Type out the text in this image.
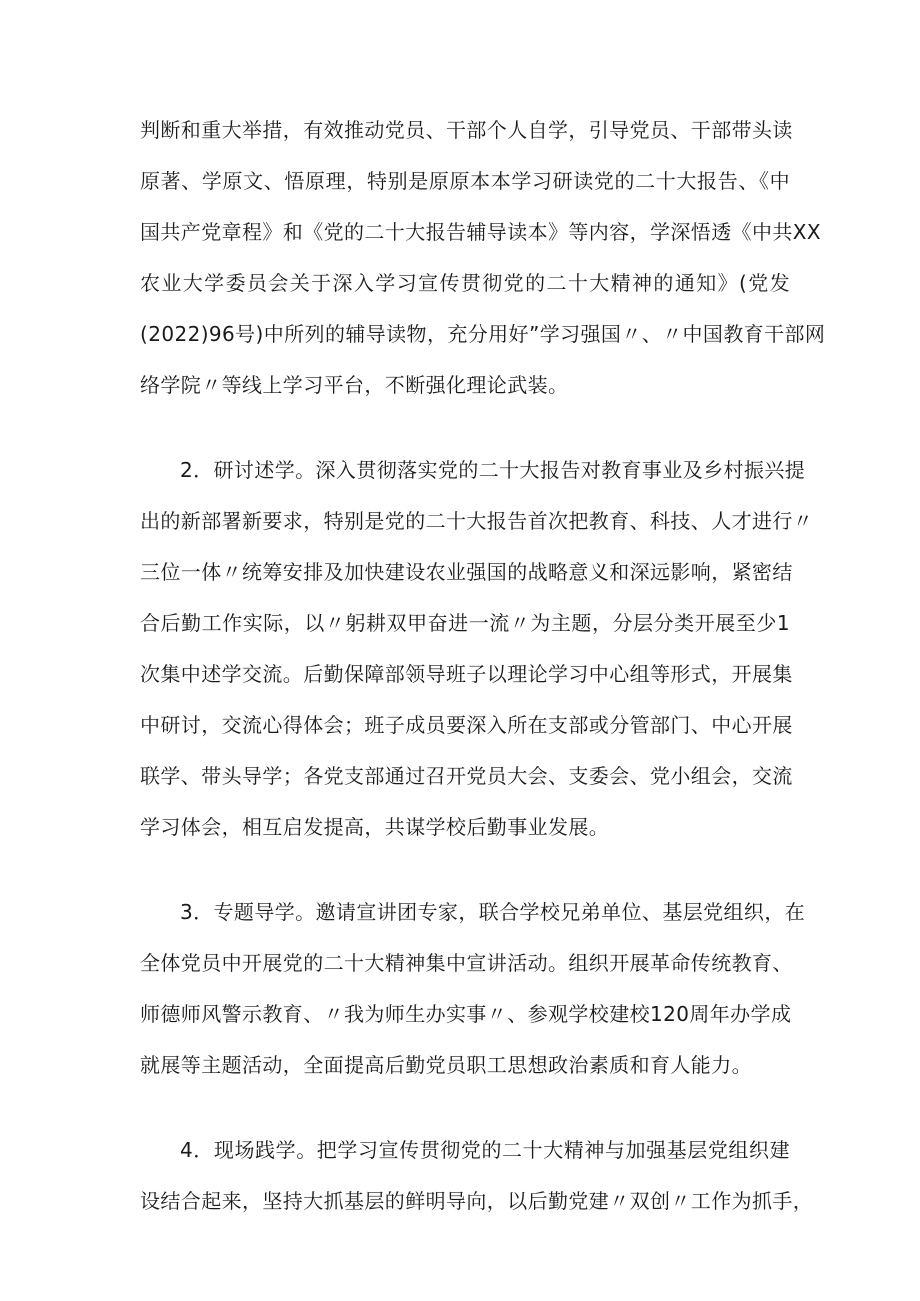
判断和重大举措，有效推动党员、干部个人自学，引导党员、干部带头读
原著、学原文、悟原理，特别是原原本本学习研读党的二十大报告、《中
国共产党章程》和《党的二十大报告辅导读本》等内容，学深悟透《中共XX
农业大学委员会关于深入学习宣传贯彻党的二十大精神的通知》(党发
(2022)96号)中所列的辅导读物，充分用好”学习强国〃、〃中国教育干部网
络学院〃等线上学习平台，不断强化理论武装。
2．研讨述学。深入贯彻落实党的二十大报告对教育事业及乡村振兴提
出的新部署新要求，特别是党的二十大报告首次把教育、科技、人才进行〃
三位一体〃统筹安排及加快建设农业强国的战略意义和深远影响，紧密结
合后勤工作实际，以〃躬耕双甲奋进一流〃为主题，分层分类开展至少1
次集中述学交流。后勤保障部领导班子以理论学习中心组等形式，开展集
中研讨，交流心得体会；班子成员要深入所在支部或分管部门、中心开展
联学、带头导学；各党支部通过召开党员大会、支委会、党小组会，交流
学习体会，相互启发提高，共谋学校后勤事业发展。
3．专题导学。邀请宣讲团专家，联合学校兄弟单位、基层党组织，在
全体党员中开展党的二十大精神集中宣讲活动。组织开展革命传统教育、
师德师风警示教育、〃我为师生办实事〃、参观学校建校120周年办学成
就展等主题活动，全面提高后勤党员职工思想政治素质和育人能力。
4．现场践学。把学习宣传贯彻党的二十大精神与加强基层党组织建
设结合起来，坚持大抓基层的鲜明导向，以后勤党建〃双创〃工作为抓手，
